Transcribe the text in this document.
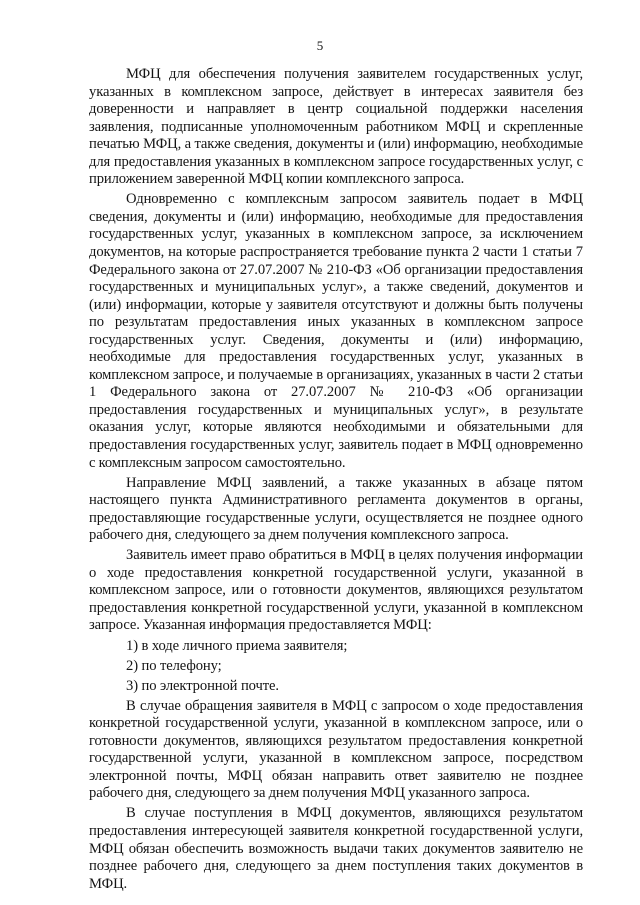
5

МФЦ для обеспечения получения заявителем государственных услуг, указанных в комплексном запросе, действует в интересах заявителя без доверенности и направляет в центр социальной поддержки населения заявления, подписанные уполномоченным работником МФЦ и скрепленные печатью МФЦ, а также сведения, документы и (или) информацию, необходимые для предоставления указанных в комплексном запросе государственных услуг, с приложением заверенной МФЦ копии комплексного запроса.

Одновременно с комплексным запросом заявитель подает в МФЦ сведения, документы и (или) информацию, необходимые для предоставления государственных услуг, указанных в комплексном запросе, за исключением документов, на которые распространяется требование пункта 2 части 1 статьи 7 Федерального закона от 27.07.2007 № 210-ФЗ «Об организации предоставления государственных и муниципальных услуг», а также сведений, документов и (или) информации, которые у заявителя отсутствуют и должны быть получены по результатам предоставления иных указанных в комплексном запросе государственных услуг. Сведения, документы и (или) информацию, необходимые для предоставления государственных услуг, указанных в комплексном запросе, и получаемые в организациях, указанных в части 2 статьи 1 Федерального закона от 27.07.2007 № 210-ФЗ «Об организации предоставления государственных и муниципальных услуг», в результате оказания услуг, которые являются необходимыми и обязательными для предоставления государственных услуг, заявитель подает в МФЦ одновременно с комплексным запросом самостоятельно.

Направление МФЦ заявлений, а также указанных в абзаце пятом настоящего пункта Административного регламента документов в органы, предоставляющие государственные услуги, осуществляется не позднее одного рабочего дня, следующего за днем получения комплексного запроса.

Заявитель имеет право обратиться в МФЦ в целях получения информации о ходе предоставления конкретной государственной услуги, указанной в комплексном запросе, или о готовности документов, являющихся результатом предоставления конкретной государственной услуги, указанной в комплексном запросе. Указанная информация предоставляется МФЦ:

1) в ходе личного приема заявителя;
2) по телефону;
3) по электронной почте.

В случае обращения заявителя в МФЦ с запросом о ходе предоставления конкретной государственной услуги, указанной в комплексном запросе, или о готовности документов, являющихся результатом предоставления конкретной государственной услуги, указанной в комплексном запросе, посредством электронной почты, МФЦ обязан направить ответ заявителю не позднее рабочего дня, следующего за днем получения МФЦ указанного запроса.

В случае поступления в МФЦ документов, являющихся результатом предоставления интересующей заявителя конкретной государственной услуги, МФЦ обязан обеспечить возможность выдачи таких документов заявителю не позднее рабочего дня, следующего за днем поступления таких документов в МФЦ.
